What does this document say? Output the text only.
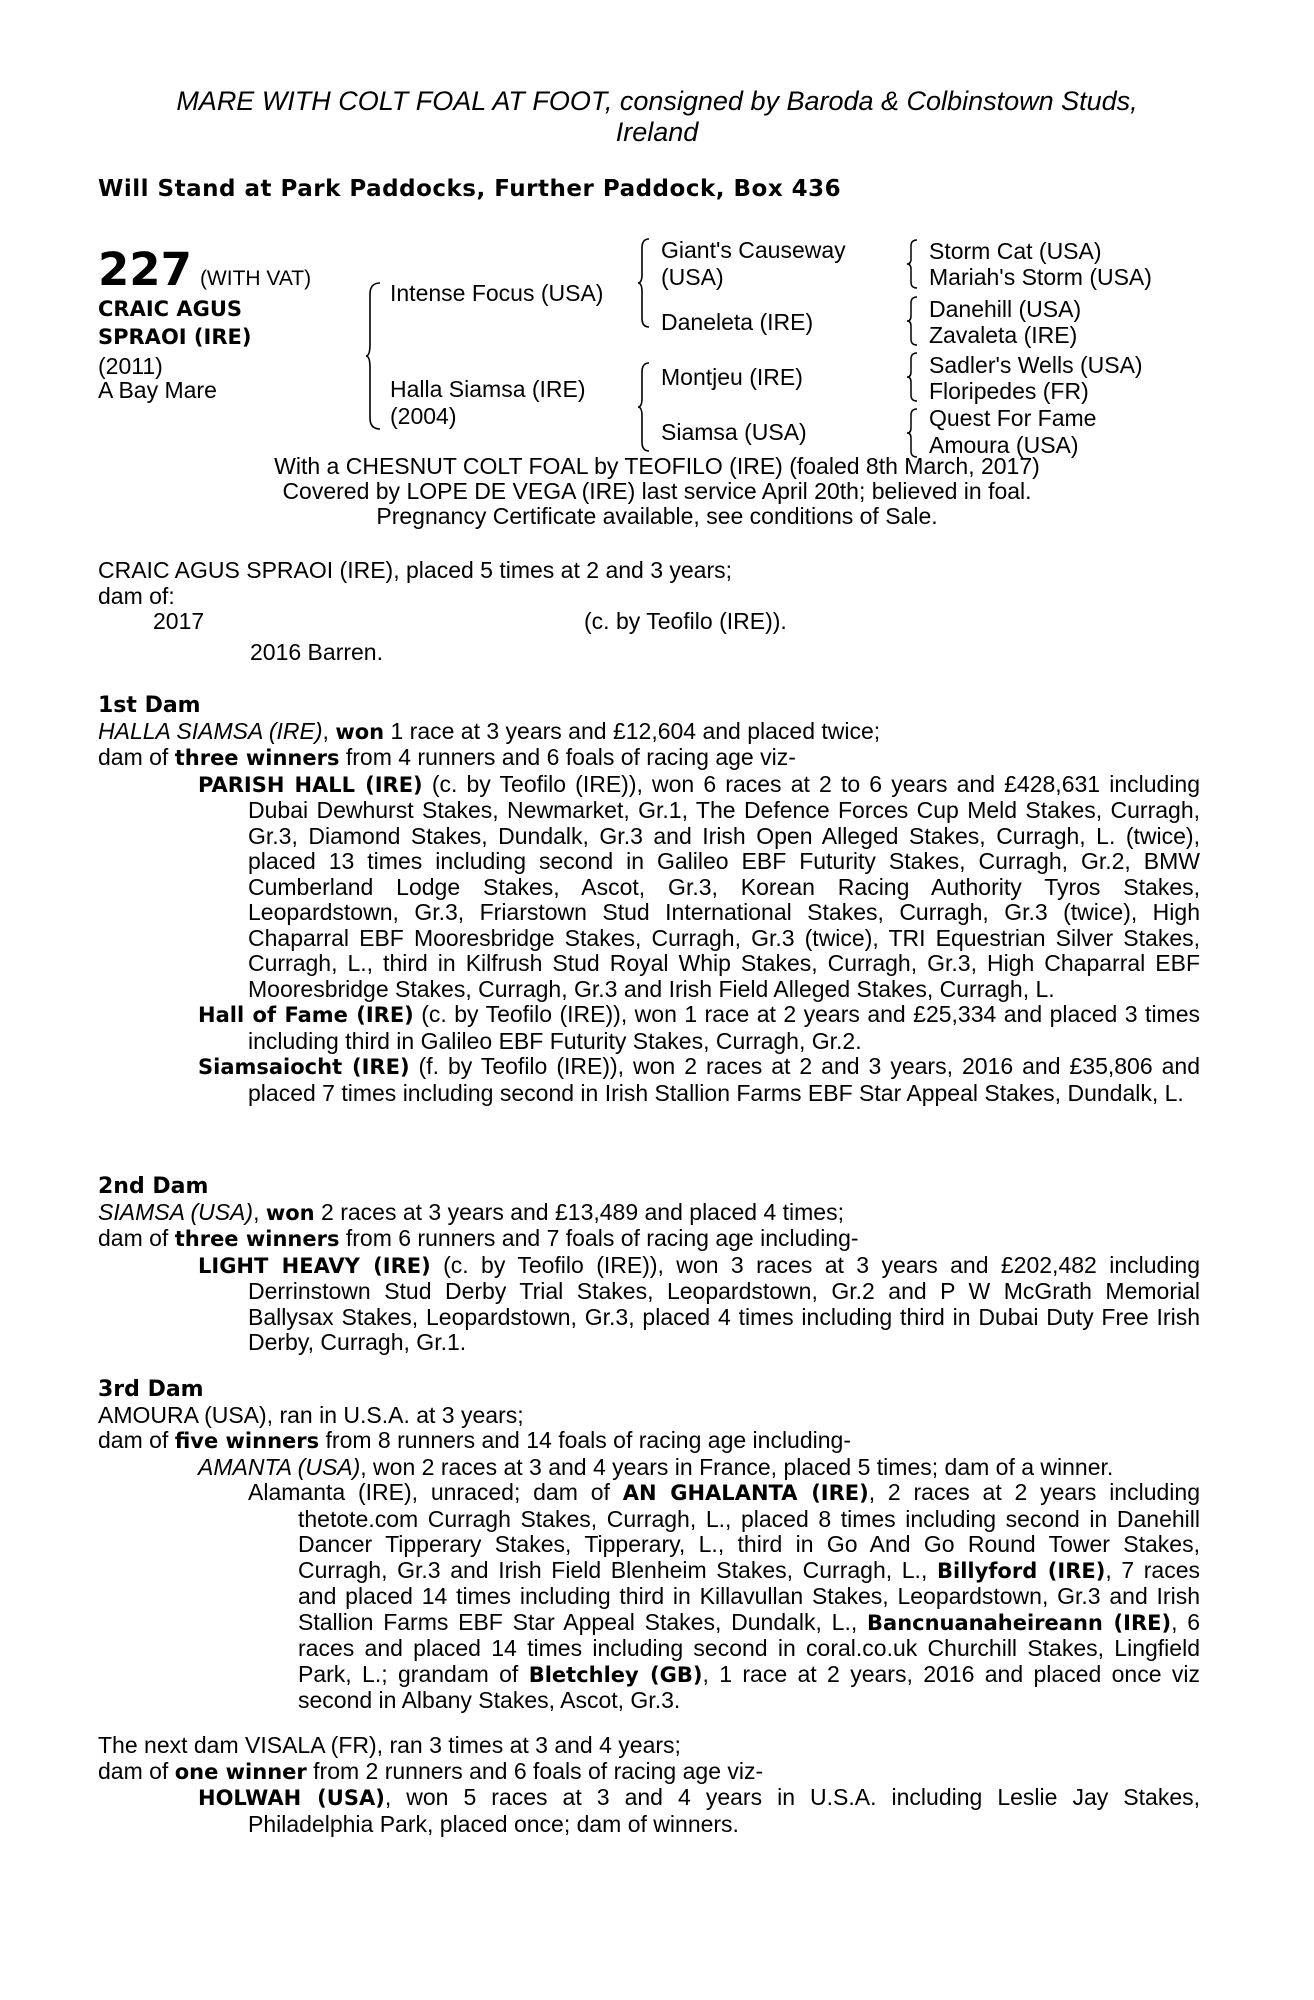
MARE WITH COLT FOAL AT FOOT, consigned by Baroda & Colbinstown Studs,
Ireland
Will Stand at Park Paddocks, Further Paddock, Box 436
227 (WITH VAT)
CRAIC AGUS
SPRAOI (IRE)
(2011)
A Bay Mare
Intense Focus (USA)
Halla Siamsa (IRE)
(2004)
Giant's Causeway
(USA)
Daneleta (IRE)
Montjeu (IRE)
Siamsa (USA)
Storm Cat (USA)
Mariah's Storm (USA)
Danehill (USA)
Zavaleta (IRE)
Sadler's Wells (USA)
Floripedes (FR)
Quest For Fame
Amoura (USA)
With a CHESNUT COLT FOAL by TEOFILO (IRE) (foaled 8th March, 2017)
Covered by LOPE DE VEGA (IRE) last service April 20th; believed in foal.
Pregnancy Certificate available, see conditions of Sale.
CRAIC AGUS SPRAOI (IRE), placed 5 times at 2 and 3 years;
dam of:
2017	(c. by Teofilo (IRE)).
2016 Barren.
1st Dam
HALLA SIAMSA (IRE), won 1 race at 3 years and £12,604 and placed twice;
dam of three winners from 4 runners and 6 foals of racing age viz-
PARISH HALL (IRE) (c. by Teofilo (IRE)), won 6 races at 2 to 6 years and £428,631 including Dubai Dewhurst Stakes, Newmarket, Gr.1, The Defence Forces Cup Meld Stakes, Curragh, Gr.3, Diamond Stakes, Dundalk, Gr.3 and Irish Open Alleged Stakes, Curragh, L. (twice), placed 13 times including second in Galileo EBF Futurity Stakes, Curragh, Gr.2, BMW Cumberland Lodge Stakes, Ascot, Gr.3, Korean Racing Authority Tyros Stakes, Leopardstown, Gr.3, Friarstown Stud International Stakes, Curragh, Gr.3 (twice), High Chaparral EBF Mooresbridge Stakes, Curragh, Gr.3 (twice), TRI Equestrian Silver Stakes, Curragh, L., third in Kilfrush Stud Royal Whip Stakes, Curragh, Gr.3, High Chaparral EBF Mooresbridge Stakes, Curragh, Gr.3 and Irish Field Alleged Stakes, Curragh, L.
Hall of Fame (IRE) (c. by Teofilo (IRE)), won 1 race at 2 years and £25,334 and placed 3 times including third in Galileo EBF Futurity Stakes, Curragh, Gr.2.
Siamsaiocht (IRE) (f. by Teofilo (IRE)), won 2 races at 2 and 3 years, 2016 and £35,806 and placed 7 times including second in Irish Stallion Farms EBF Star Appeal Stakes, Dundalk, L.
2nd Dam
SIAMSA (USA), won 2 races at 3 years and £13,489 and placed 4 times;
dam of three winners from 6 runners and 7 foals of racing age including-
LIGHT HEAVY (IRE) (c. by Teofilo (IRE)), won 3 races at 3 years and £202,482 including Derrinstown Stud Derby Trial Stakes, Leopardstown, Gr.2 and P W McGrath Memorial Ballysax Stakes, Leopardstown, Gr.3, placed 4 times including third in Dubai Duty Free Irish Derby, Curragh, Gr.1.
3rd Dam
AMOURA (USA), ran in U.S.A. at 3 years;
dam of five winners from 8 runners and 14 foals of racing age including-
AMANTA (USA), won 2 races at 3 and 4 years in France, placed 5 times; dam of a winner.
Alamanta (IRE), unraced; dam of AN GHALANTA (IRE), 2 races at 2 years including thetote.com Curragh Stakes, Curragh, L., placed 8 times including second in Danehill Dancer Tipperary Stakes, Tipperary, L., third in Go And Go Round Tower Stakes, Curragh, Gr.3 and Irish Field Blenheim Stakes, Curragh, L., Billyford (IRE), 7 races and placed 14 times including third in Killavullan Stakes, Leopardstown, Gr.3 and Irish Stallion Farms EBF Star Appeal Stakes, Dundalk, L., Bancnuanaheireann (IRE), 6 races and placed 14 times including second in coral.co.uk Churchill Stakes, Lingfield Park, L.; grandam of Bletchley (GB), 1 race at 2 years, 2016 and placed once viz second in Albany Stakes, Ascot, Gr.3.
The next dam VISALA (FR), ran 3 times at 3 and 4 years;
dam of one winner from 2 runners and 6 foals of racing age viz-
HOLWAH (USA), won 5 races at 3 and 4 years in U.S.A. including Leslie Jay Stakes, Philadelphia Park, placed once; dam of winners.
